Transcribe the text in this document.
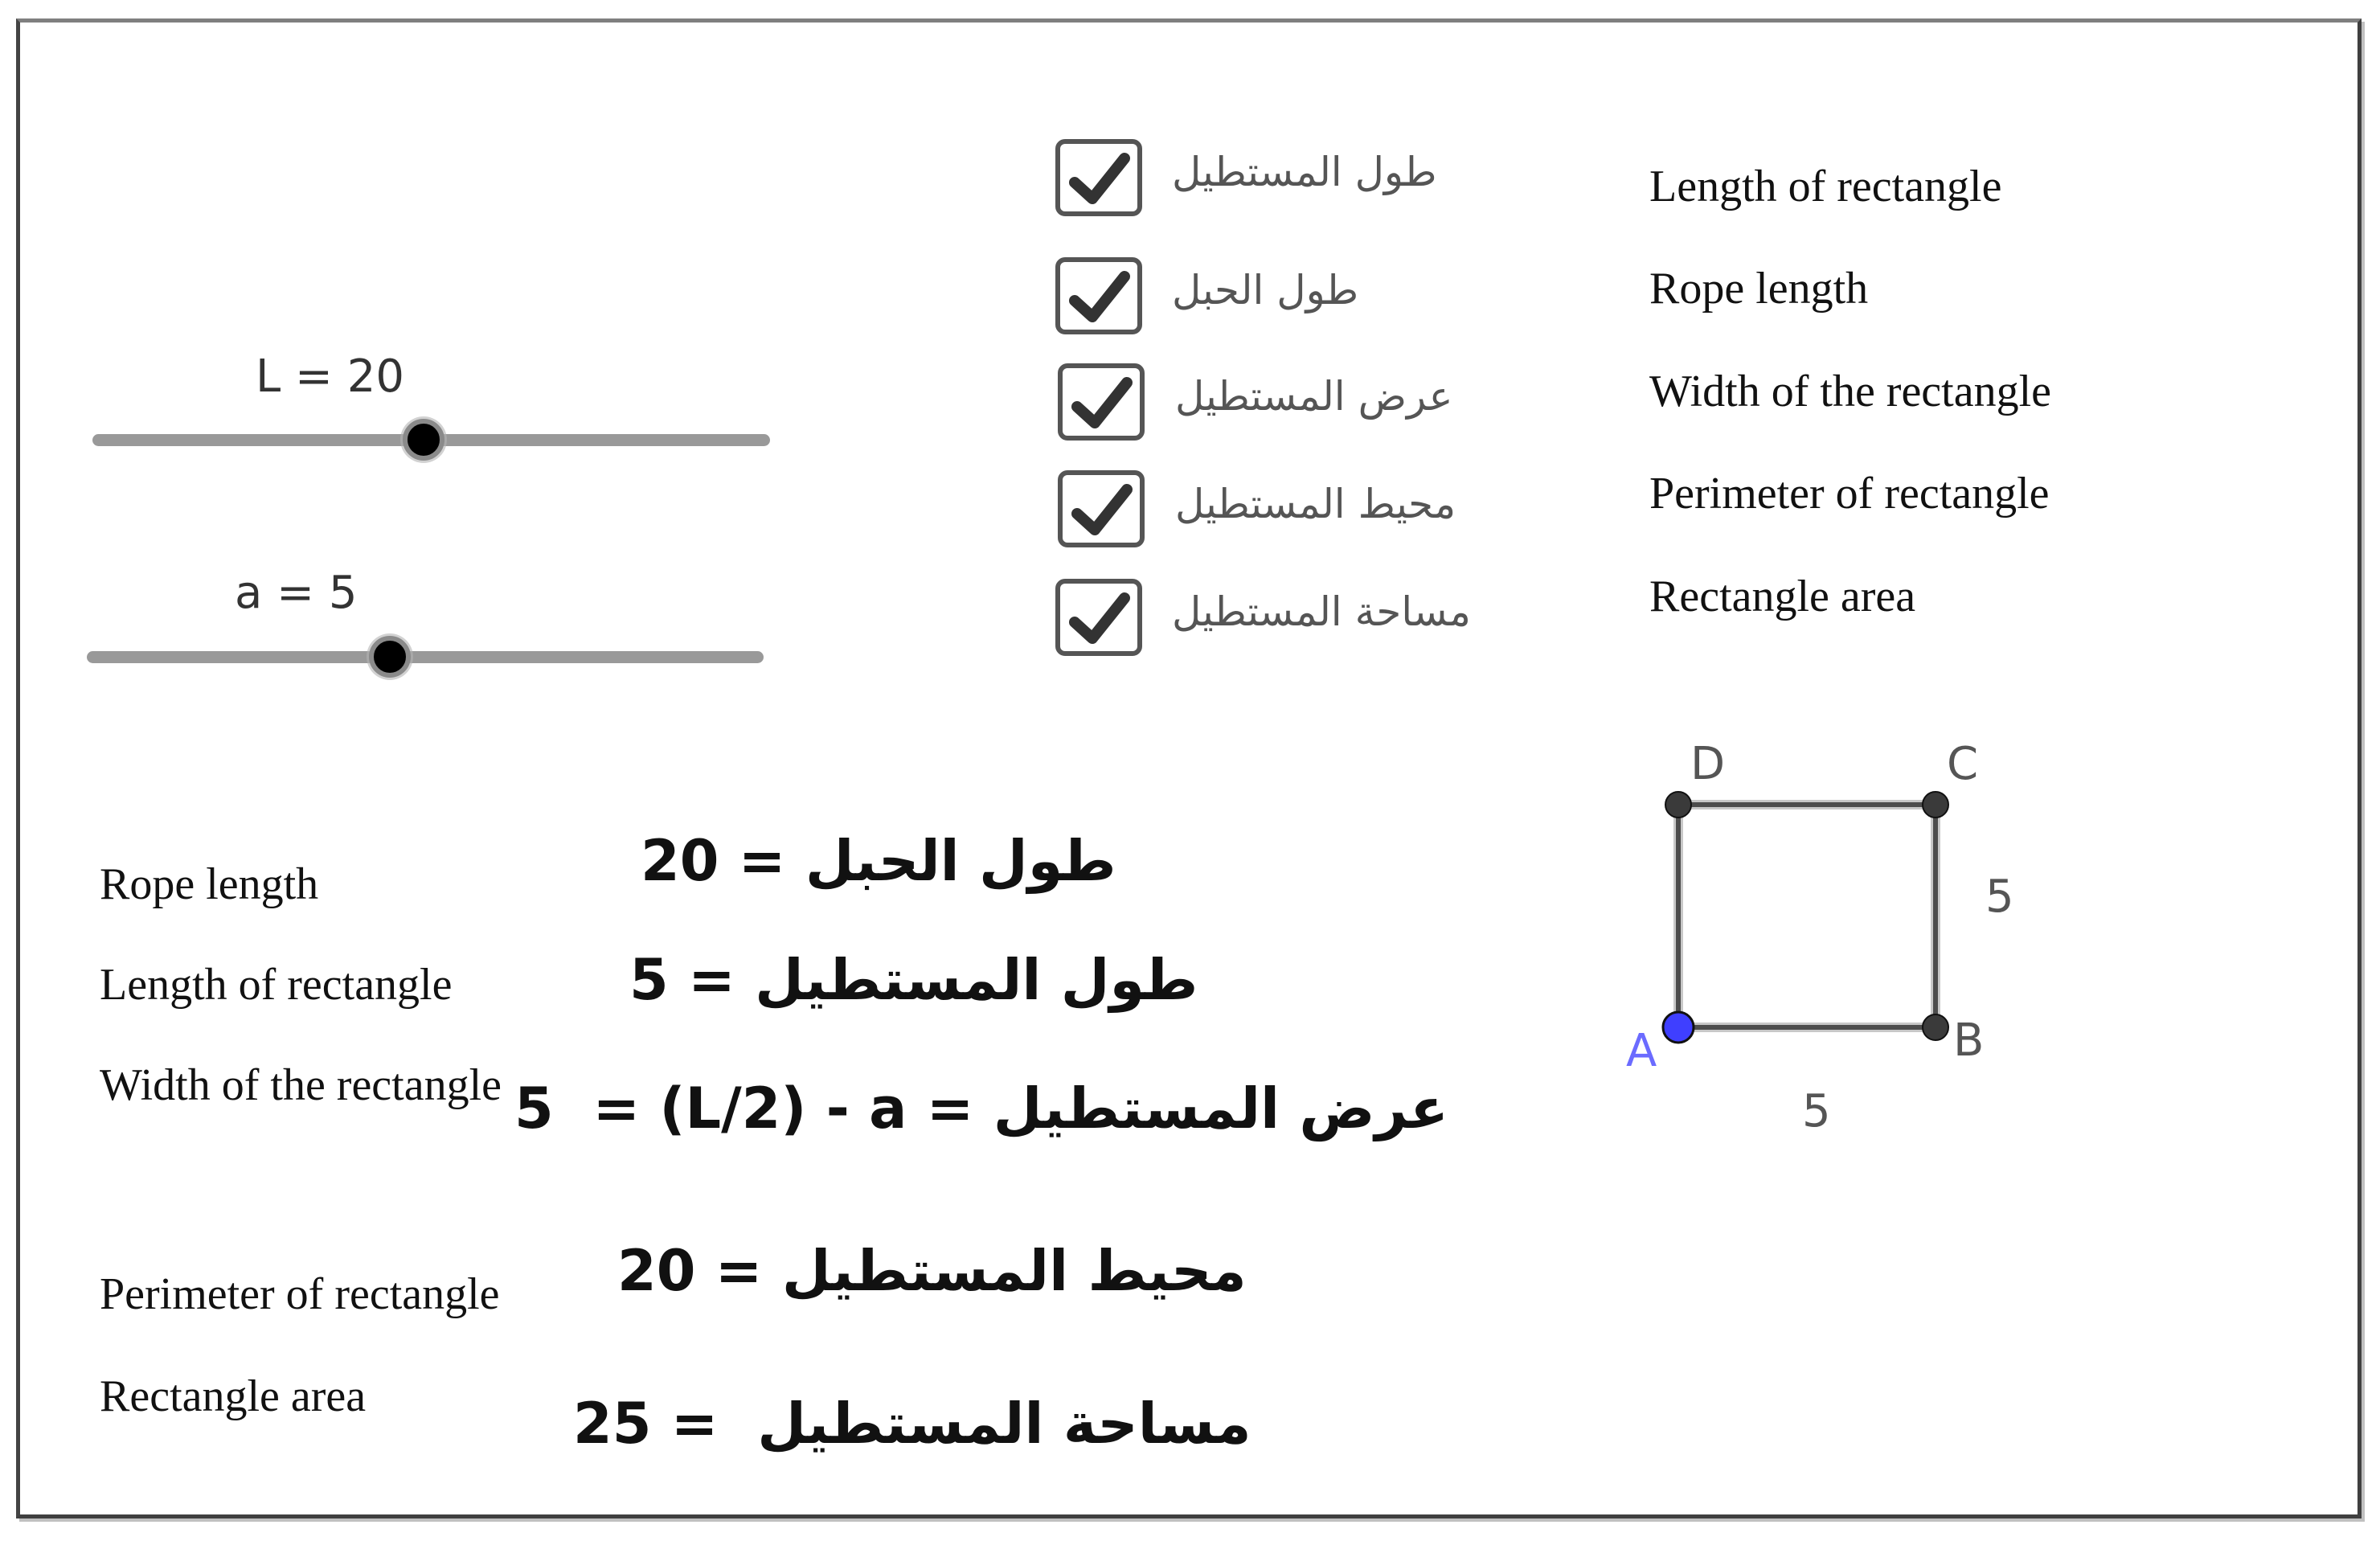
L = 20
a = 5
طول المستطيل
طول الحبل
عرض المستطيل
محيط المستطيل
مساحة المستطيل
Length of rectangle
Rope length
Width of the rectangle
Perimeter of rectangle
Rectangle area
Rope length
Length of rectangle
Width of the rectangle
Perimeter of rectangle
Rectangle area
20 = طول الحبل
5 = طول المستطيل
5  = (L/2) - a = عرض المستطيل
20 = محيط المستطيل
25 =  مساحة المستطيل
D	C
B
A
5
5
